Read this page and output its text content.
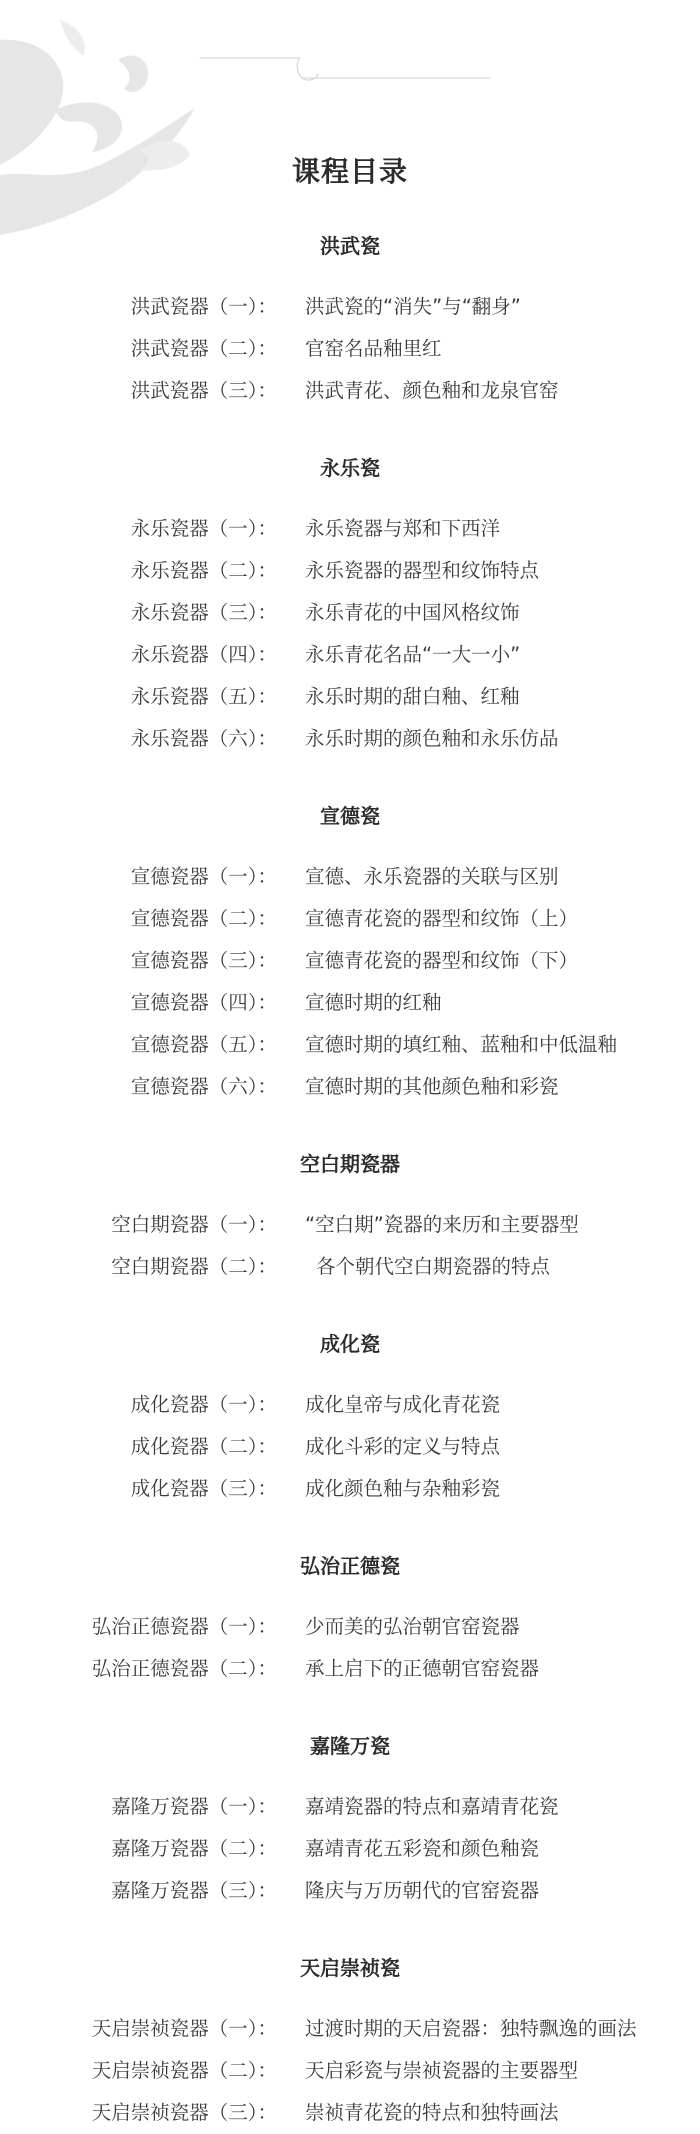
课程目录
洪武瓷
洪武瓷器（一）： 洪武瓷的“消失”与“翻身”
洪武瓷器（二）： 官窑名品釉里红
洪武瓷器（三）： 洪武青花、颜色釉和龙泉官窑
永乐瓷
永乐瓷器（一）： 永乐瓷器与郑和下西洋
永乐瓷器（二）： 永乐瓷器的器型和纹饰特点
永乐瓷器（三）： 永乐青花的中国风格纹饰
永乐瓷器（四）： 永乐青花名品“一大一小”
永乐瓷器（五）： 永乐时期的甜白釉、红釉
永乐瓷器（六）： 永乐时期的颜色釉和永乐仿品
宣德瓷
宣德瓷器（一）： 宣德、永乐瓷器的关联与区别
宣德瓷器（二）： 宣德青花瓷的器型和纹饰（上）
宣德瓷器（三）： 宣德青花瓷的器型和纹饰（下）
宣德瓷器（四）： 宣德时期的红釉
宣德瓷器（五）： 宣德时期的填红釉、蓝釉和中低温釉
宣德瓷器（六）： 宣德时期的其他颜色釉和彩瓷
空白期瓷器
空白期瓷器（一）： “空白期”瓷器的来历和主要器型
空白期瓷器（二）： 各个朝代空白期瓷器的特点
成化瓷
成化瓷器（一）： 成化皇帝与成化青花瓷
成化瓷器（二）： 成化斗彩的定义与特点
成化瓷器（三）： 成化颜色釉与杂釉彩瓷
弘治正德瓷
弘治正德瓷器（一）： 少而美的弘治朝官窑瓷器
弘治正德瓷器（二）： 承上启下的正德朝官窑瓷器
嘉隆万瓷
嘉隆万瓷器（一）： 嘉靖瓷器的特点和嘉靖青花瓷
嘉隆万瓷器（二）： 嘉靖青花五彩瓷和颜色釉瓷
嘉隆万瓷器（三）： 隆庆与万历朝代的官窑瓷器
天启崇祯瓷
天启崇祯瓷器（一）： 过渡时期的天启瓷器：独特飘逸的画法
天启崇祯瓷器（二）： 天启彩瓷与崇祯瓷器的主要器型
天启崇祯瓷器（三）： 崇祯青花瓷的特点和独特画法
